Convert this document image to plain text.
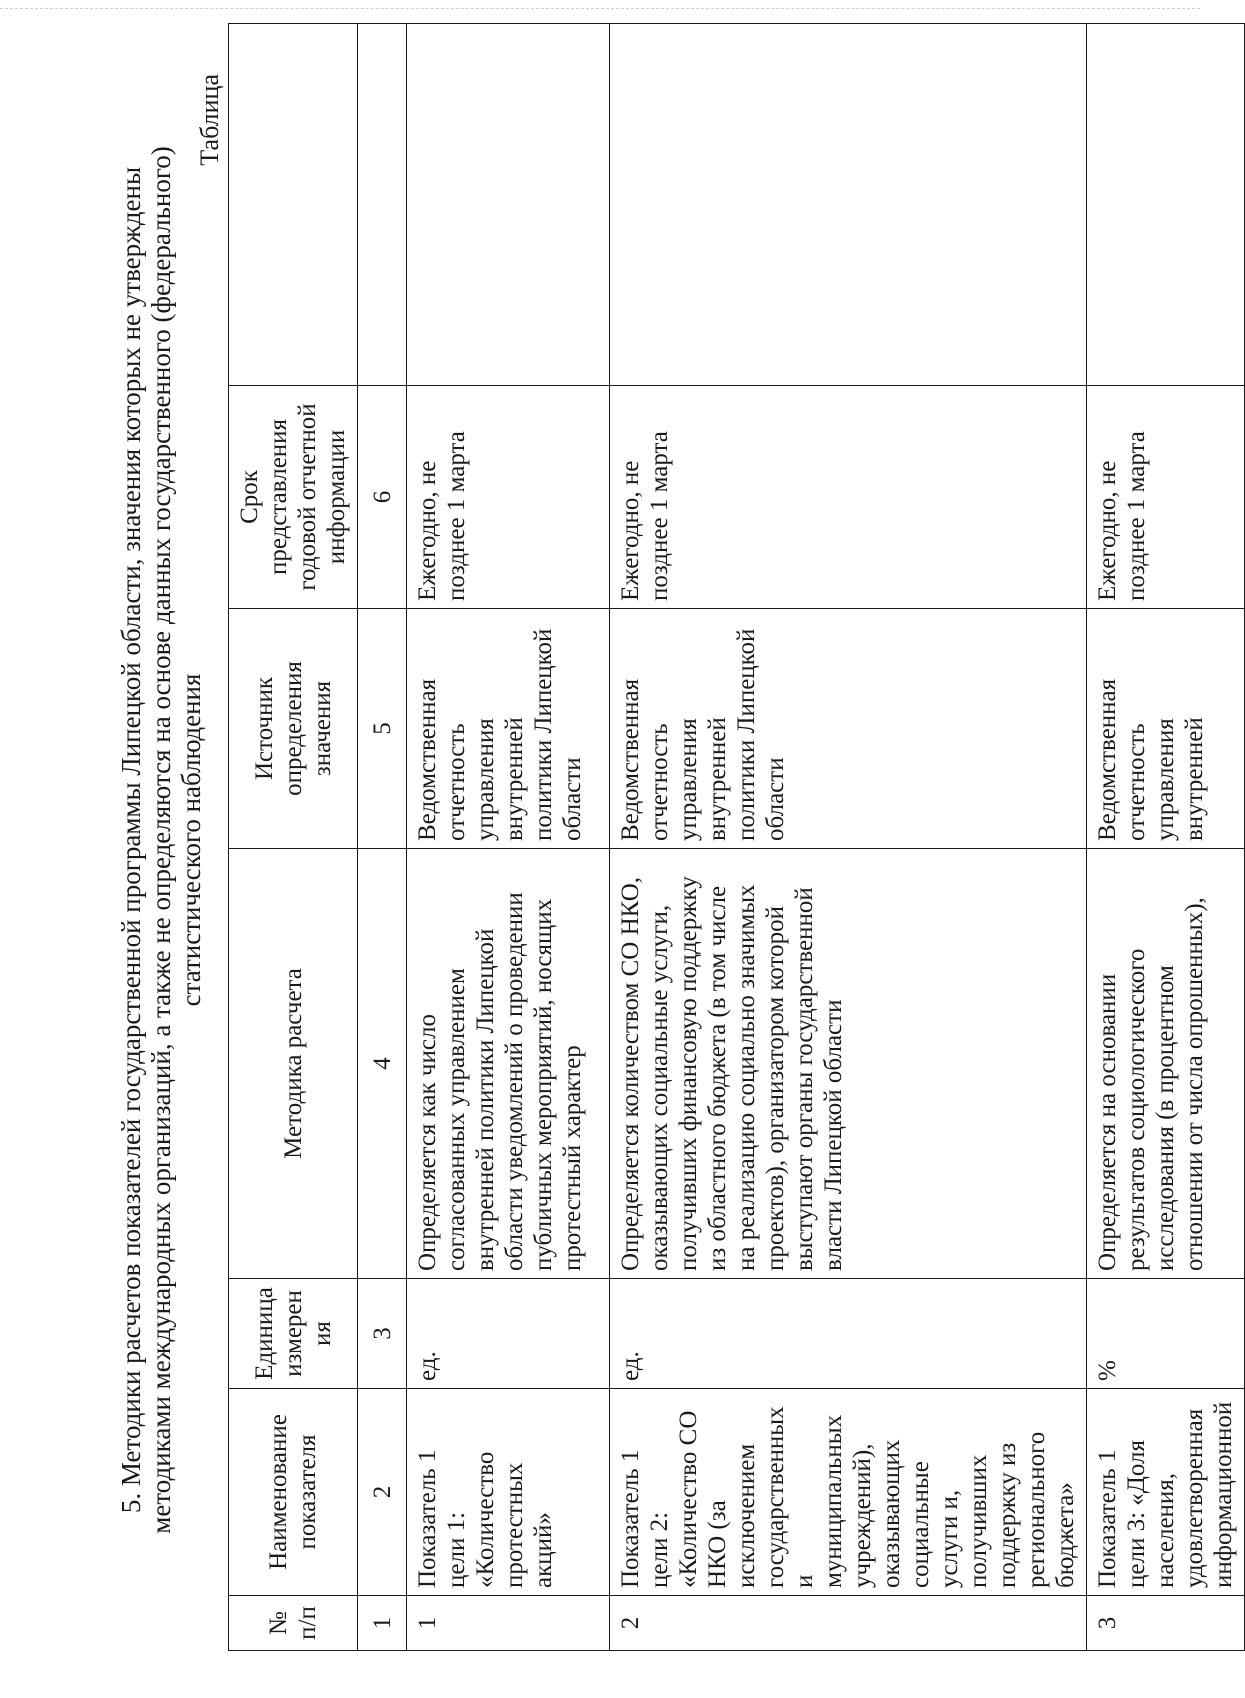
5. Методики расчетов показателей государственной программы Липецкой области, значения которых не утверждены методиками международных организаций, а также не определяются на основе данных государственного (федерального) статистического наблюдения
Таблица
№ п/п	Наименование показателя	Единица измерения	Методика расчета	Источник определения значения	Срок представления годовой отчетной информации	
1	2	3	4	5	6	
1	Показатель 1 цели 1: «Количество протестных акций»	ед.	Определяется как число согласованных управлением внутренней политики Липецкой области уведомлений о проведении публичных мероприятий, носящих протестный характер	Ведомственная отчетность управления внутренней политики Липецкой области	Ежегодно, не позднее 1 марта	
2	Показатель 1 цели 2: «Количество СО НКО (за исключением государственных и муниципальных учреждений), оказывающих социальные услуги и, получивших поддержку из регионального бюджета»	ед.	Определяется количеством СО НКО, оказывающих социальные услуги, получивших финансовую поддержку из областного бюджета (в том числе на реализацию социально значимых проектов), организатором которой выступают органы государственной власти Липецкой области	Ведомственная отчетность управления внутренней политики Липецкой области	Ежегодно, не позднее 1 марта	
3	Показатель 1 цели 3: «Доля населения, удовлетворенная информационной	%	Определяется на основании результатов социологического исследования (в процентном отношении от числа опрошенных),	Ведомственная отчетность управления внутренней	Ежегодно, не позднее 1 марта	
